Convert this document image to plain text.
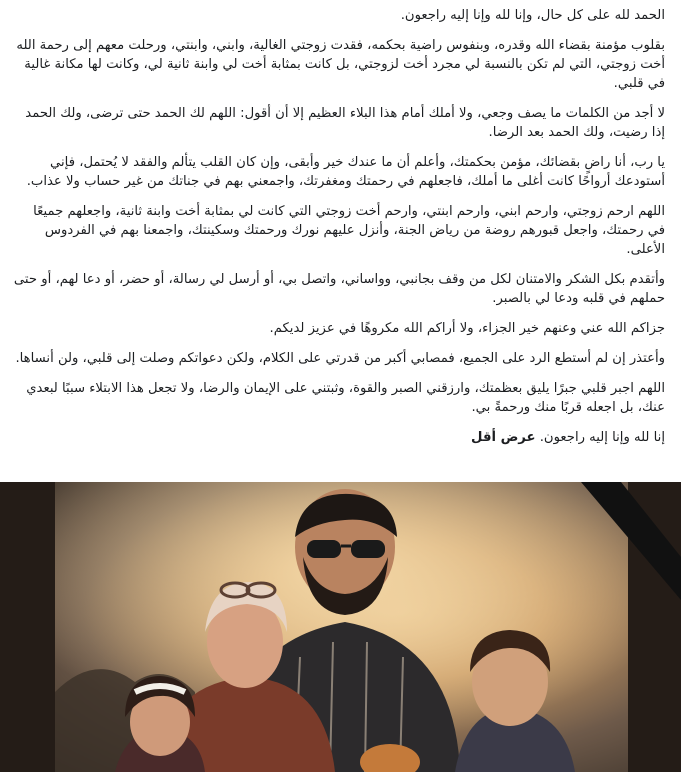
الحمد لله على كل حال، وإنا لله وإنا إليه راجعون.

بقلوب مؤمنة بقضاء الله وقدره، وبنفوس راضية بحكمه، فقدت زوجتي الغالية، وابني، وابنتي، ورحلت معهم إلى رحمة الله أخت زوجتي، التي لم تكن بالنسبة لي مجرد أخت لزوجتي، بل كانت بمثابة أخت لي وابنة ثانية لي، وكانت لها مكانة غالية في قلبي.

لا أجد من الكلمات ما يصف وجعي، ولا أملك أمام هذا البلاء العظيم إلا أن أقول: اللهم لك الحمد حتى ترضى، ولك الحمد إذا رضيت، ولك الحمد بعد الرضا.

يا رب، أنا راضٍ بقضائك، مؤمن بحكمتك، وأعلم أن ما عندك خير وأبقى، وإن كان القلب يتألم والفقد لا يُحتمل، فإني أستودعك أرواحًا كانت أغلى ما أملك، فاجعلهم في رحمتك ومغفرتك، واجمعني بهم في جناتك من غير حساب ولا عذاب.

اللهم ارحم زوجتي، وارحم ابني، وارحم ابنتي، وارحم أخت زوجتي التي كانت لي بمثابة أخت وابنة ثانية، واجعلهم جميعًا في رحمتك، واجعل قبورهم روضة من رياض الجنة، وأنزل عليهم نورك ورحمتك وسكينتك، واجمعنا بهم في الفردوس الأعلى.

وأتقدم بكل الشكر والامتنان لكل من وقف بجانبي، وواساني، واتصل بي، أو أرسل لي رسالة، أو حضر، أو دعا لهم، أو حتى حملهم في قلبه ودعا لي بالصبر.

جزاكم الله عني وعنهم خير الجزاء، ولا أراكم الله مكروهًا في عزيز لديكم.

وأعتذر إن لم أستطع الرد على الجميع، فمصابي أكبر من قدرتي على الكلام، ولكن دعواتكم وصلت إلى قلبي، ولن أنساها.

اللهم اجبر قلبي جبرًا يليق بعظمتك، وارزقني الصبر والقوة، وثبتني على الإيمان والرضا، ولا تجعل هذا الابتلاء سببًا لبعدي عنك، بل اجعله قربًا منك ورحمةً بي.

إنا لله وإنا إليه راجعون. عرض أقل
